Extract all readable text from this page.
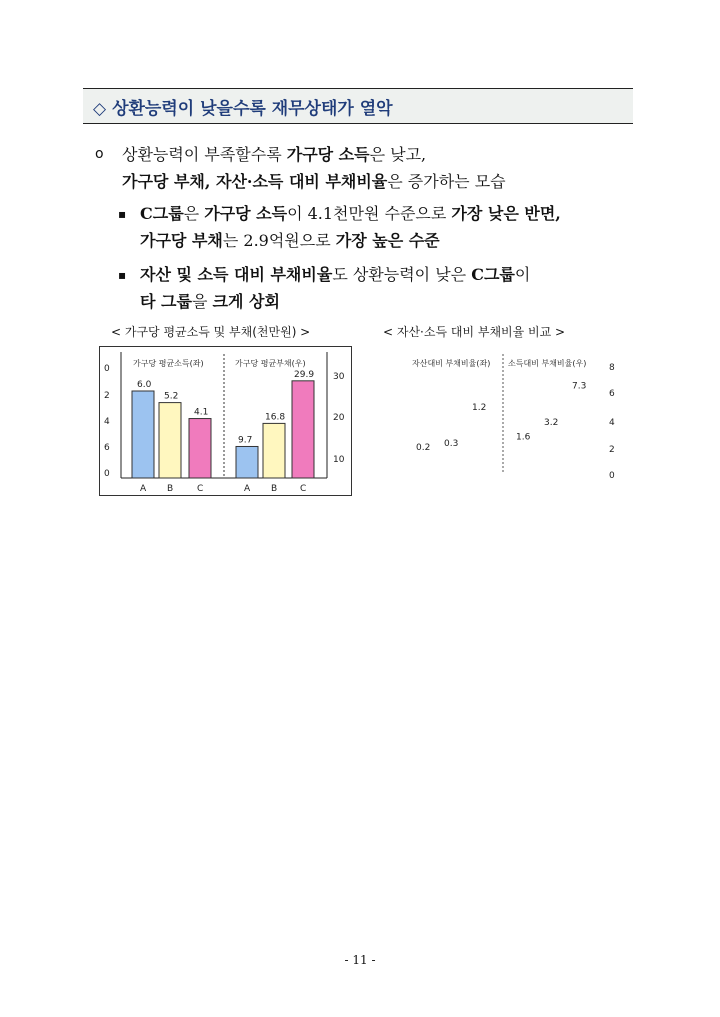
◇ 상환능력이 낮을수록 재무상태가 열악
o 상환능력이 부족할수록 가구당 소득은 낮고,
가구당 부채, 자산·소득 대비 부채비율은 증가하는 모습
▪ C그룹은 가구당 소득이 4.1천만원 수준으로 가장 낮은 반면,
가구당 부채는 2.9억원으로 가장 높은 수준
▪ 자산 및 소득 대비 부채비율도 상환능력이 낮은 C그룹이
타 그룹을 크게 상회
< 가구당 평균소득 및 부채(천만원) >	< 자산·소득 대비 부채비율 비교 >
가구당 평균소득(좌)	가구당 평균부채(우)
0
2
4
6
0
10
20
30
6.0
5.2
4.1
9.7
16.8
29.9
A B	C	A B	C
자산대비 부채비율(좌) 소득대비 부채비율(우)
0.2 0.3
1.2
1.6
3.2
7.3
0
2
4
6
8
- 11 -
